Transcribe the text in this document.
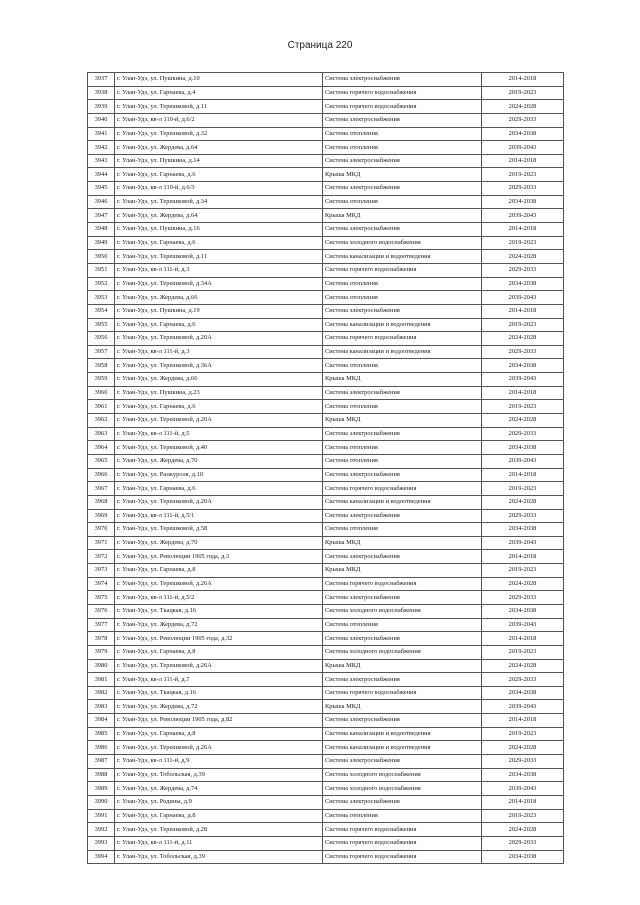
Страница 220
3937	г. Улан-Удэ, ул. Пушкина, д.10	Система электроснабжения	2014-2018
3938	г. Улан-Удэ, ул. Гарнаева, д.4	Система горячего водоснабжения	2019-2023
3939	г. Улан-Удэ, ул. Терешковой, д.11	Система горячего водоснабжения	2024-2028
3940	г. Улан-Удэ, кв-л 110-й, д.6/2	Система электроснабжения	2029-2033
3941	г. Улан-Удэ, ул. Терешковой, д.32	Система отопления	2034-2038
3942	г. Улан-Удэ, ул. Жердева, д.64	Система отопления	2039-2043
3943	г. Улан-Удэ, ул. Пушкина, д.14	Система электроснабжения	2014-2018
3944	г. Улан-Удэ, ул. Гарнаева, д.6	Крыша МКД	2019-2023
3945	г. Улан-Удэ, кв-л 110-й, д.6/3	Система электроснабжения	2029-2033
3946	г. Улан-Удэ, ул. Терешковой, д.34	Система отопления	2034-2038
3947	г. Улан-Удэ, ул. Жердева, д.64	Крыша МКД	2039-2043
3948	г. Улан-Удэ, ул. Пушкина, д.16	Система электроснабжения	2014-2018
3949	г. Улан-Удэ, ул. Гарнаева, д.6	Система холодного водоснабжения	2019-2023
3950	г. Улан-Удэ, ул. Терешковой, д.11	Система канализации и водоотведения	2024-2028
3951	г. Улан-Удэ, кв-л 111-й, д.3	Система горячего водоснабжения	2029-2033
3952	г. Улан-Удэ, ул. Терешковой, д.34А	Система отопления	2034-2038
3953	г. Улан-Удэ, ул. Жердева, д.66	Система отопления	2039-2043
3954	г. Улан-Удэ, ул. Пушкина, д.19	Система электроснабжения	2014-2018
3955	г. Улан-Удэ, ул. Гарнаева, д.6	Система канализации и водоотведения	2019-2023
3956	г. Улан-Удэ, ул. Терешковой, д.20А	Система горячего водоснабжения	2024-2028
3957	г. Улан-Удэ, кв-л 111-й, д.3	Система канализации и водоотведения	2029-2033
3958	г. Улан-Удэ, ул. Терешковой, д.36А	Система отопления	2034-2038
3959	г. Улан-Удэ, ул. Жердева, д.66	Крыша МКД	2039-2043
3960	г. Улан-Удэ, ул. Пушкина, д.23	Система электроснабжения	2014-2018
3961	г. Улан-Удэ, ул. Гарнаева, д.6	Система отопления	2019-2023
3962	г. Улан-Удэ, ул. Терешковой, д.20А	Крыша МКД	2024-2028
3963	г. Улан-Удэ, кв-л 111-й, д.5	Система электроснабжения	2029-2033
3964	г. Улан-Удэ, ул. Терешковой, д.40	Система отопления	2034-2038
3965	г. Улан-Удэ, ул. Жердева, д.70	Система отопления	2039-2043
3966	г. Улан-Удэ, ул. Разжуроля, д.10	Система электроснабжения	2014-2018
3967	г. Улан-Удэ, ул. Гарнаева, д.6	Система горячего водоснабжения	2019-2023
3968	г. Улан-Удэ, ул. Терешковой, д.20А	Система канализации и водоотведения	2024-2028
3969	г. Улан-Удэ, кв-л 111-й, д.5/1	Система электроснабжения	2029-2033
3970	г. Улан-Удэ, ул. Терешковой, д.58	Система отопления	2034-2038
3971	г. Улан-Удэ, ул. Жердева, д.70	Крыша МКД	2039-2043
3972	г. Улан-Удэ, ул. Революции 1905 года, д.3	Система электроснабжения	2014-2018
3973	г. Улан-Удэ, ул. Гарнаева, д.8	Крыша МКД	2019-2023
3974	г. Улан-Удэ, ул. Терешковой, д.26А	Система горячего водоснабжения	2024-2028
3975	г. Улан-Удэ, кв-л 111-й, д.5/2	Система электроснабжения	2029-2033
3976	г. Улан-Удэ, ул. Ткацкая, д.16	Система холодного водоснабжения	2034-2038
3977	г. Улан-Удэ, ул. Жердева, д.72	Система отопления	2039-2043
3978	г. Улан-Удэ, ул. Революции 1905 года, д.32	Система электроснабжения	2014-2018
3979	г. Улан-Удэ, ул. Гарнаева, д.8	Система холодного водоснабжения	2019-2023
3980	г. Улан-Удэ, ул. Терешковой, д.26А	Крыша МКД	2024-2028
3981	г. Улан-Удэ, кв-л 111-й, д.7	Система электроснабжения	2029-2033
3982	г. Улан-Удэ, ул. Ткацкая, д.16	Система горячего водоснабжения	2034-2038
3983	г. Улан-Удэ, ул. Жердева, д.72	Крыша МКД	2039-2043
3984	г. Улан-Удэ, ул. Революции 1905 года, д.82	Система электроснабжения	2014-2018
3985	г. Улан-Удэ, ул. Гарнаева, д.8	Система канализации и водоотведения	2019-2023
3986	г. Улан-Удэ, ул. Терешковой, д.26А	Система канализации и водоотведения	2024-2028
3987	г. Улан-Удэ, кв-л 111-й, д.9	Система электроснабжения	2029-2033
3988	г. Улан-Удэ, ул. Тобольская, д.39	Система холодного водоснабжения	2034-2038
3989	г. Улан-Удэ, ул. Жердева, д.74	Система холодного водоснабжения	2039-2043
3990	г. Улан-Удэ, ул. Родины, д.9	Система электроснабжения	2014-2018
3991	г. Улан-Удэ, ул. Гарнаева, д.8	Система отопления	2019-2023
3992	г. Улан-Удэ, ул. Терешковой, д.28	Система горячего водоснабжения	2024-2028
3993	г. Улан-Удэ, кв-л 111-й, д.11	Система горячего водоснабжения	2029-2033
3994	г. Улан-Удэ, ул. Тобольская, д.39	Система горячего водоснабжения	2034-2038
